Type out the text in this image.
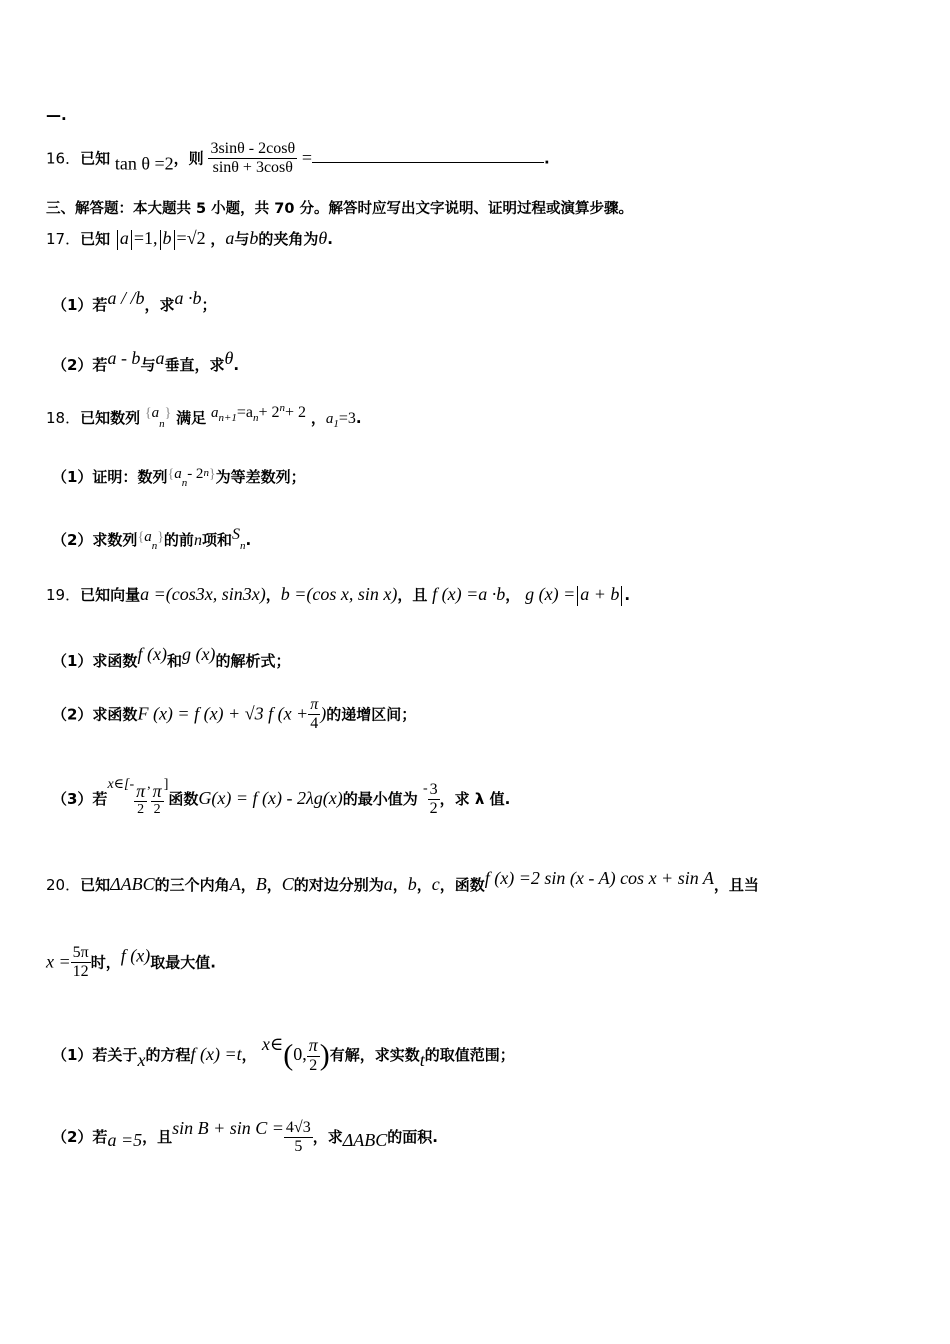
—.
16．已知 tan θ =2，则 $\frac{3\sin\theta - 2\cos\theta}{\sin\theta + 3\cos\theta}$ =	.
三、解答题：本大题共 5 小题，共 70 分。解答时应写出文字说明、证明过程或演算步骤。
17．已知 a =1, b =√2 ，a与b的夹角为θ.
（1）若a / /b，求a ·b；
（2）若a - b与a垂直，求θ.
18．已知数列 $\{a_n\}$ 满足 $a_{n+1}=a_n+ 2^n+ 2$ ，$a_1=3$.
（1）证明：数列{$a_n-$ 2$^n$}为等差数列；
（2）求数列$\{a_n\}$的前n项和$S_n$.
19．已知向量a =(cos3x, sin3x)，b =(cos x, sin x)，且 f (x) =a ·b， g (x) = a + b .
（1）求函数f (x)和g (x)的解析式；
（2）求函数F (x) = f (x) + √3 f ($x + \frac{\pi}{4}$ )的递增区间；
（3）若x∈[- $\frac{\pi}{2}$ , $\frac{\pi}{2}$ ]函数G(x) = f (x) - 2λg(x)的最小值为 - $\frac{3}{2}$ ，求 λ 值.
20．已知ΔABC的三个内角A，B，C的对边分别为a，b，c，函数f (x) =2 sin (x - A) cos x + sin A，且当
$x = \frac{5\pi}{12}$ 时，f (x)取最大值.
（1）若关于x的方程f (x) =t， x∈(0, $\frac{\pi}{2}$ )有解，求实数t的取值范围；
（2）若a =5，且$\sin B + \sin C = \frac{4√3}{5}$ ，求ΔABC的面积.
